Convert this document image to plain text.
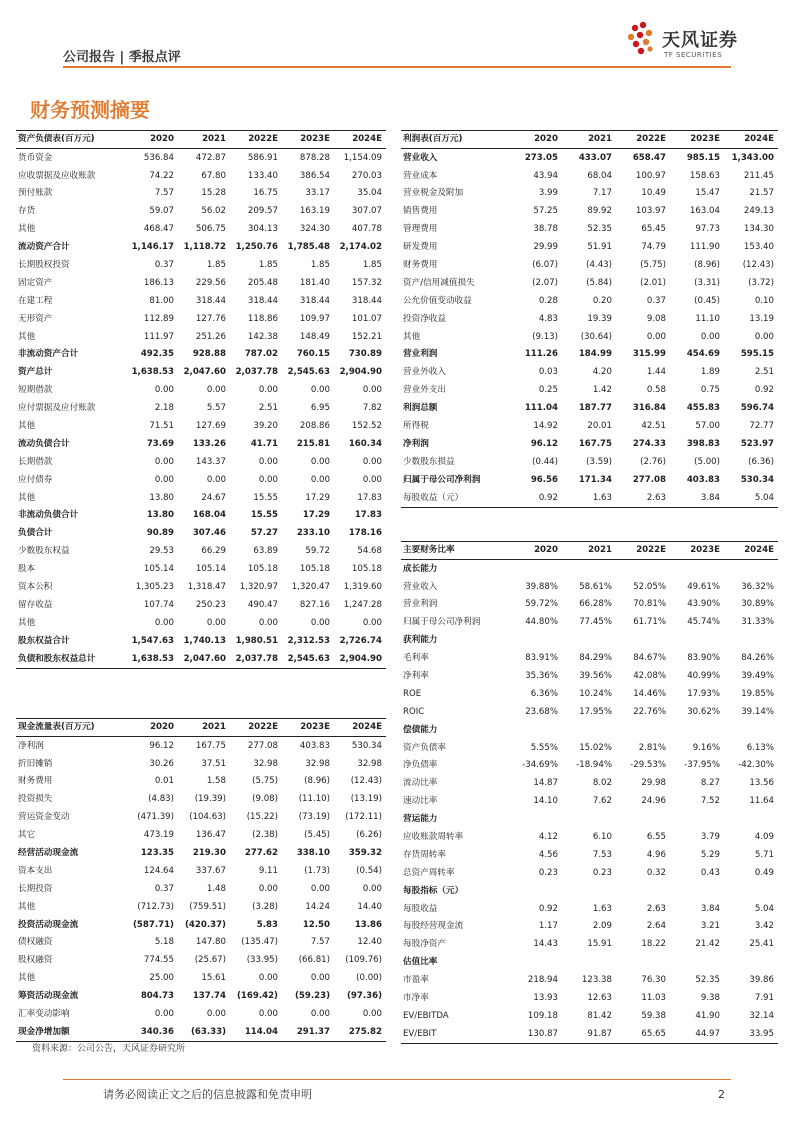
公司报告 | 季报点评
天风证券
TF SECURITIES
财务预测摘要
资产负债表(百万元)	2020	2021	2022E	2023E	2024E
货币资金	536.84	472.87	586.91	878.28	1,154.09
应收票据及应收账款	74.22	67.80	133.40	386.54	270.03
预付账款	7.57	15.28	16.75	33.17	35.04
存货	59.07	56.02	209.57	163.19	307.07
其他	468.47	506.75	304.13	324.30	407.78
流动资产合计	1,146.17	1,118.72	1,250.76	1,785.48	2,174.02
长期股权投资	0.37	1.85	1.85	1.85	1.85
固定资产	186.13	229.56	205.48	181.40	157.32
在建工程	81.00	318.44	318.44	318.44	318.44
无形资产	112.89	127.76	118.86	109.97	101.07
其他	111.97	251.26	142.38	148.49	152.21
非流动资产合计	492.35	928.88	787.02	760.15	730.89
资产总计	1,638.53	2,047.60	2,037.78	2,545.63	2,904.90
短期借款	0.00	0.00	0.00	0.00	0.00
应付票据及应付账款	2.18	5.57	2.51	6.95	7.82
其他	71.51	127.69	39.20	208.86	152.52
流动负债合计	73.69	133.26	41.71	215.81	160.34
长期借款	0.00	143.37	0.00	0.00	0.00
应付债券	0.00	0.00	0.00	0.00	0.00
其他	13.80	24.67	15.55	17.29	17.83
非流动负债合计	13.80	168.04	15.55	17.29	17.83
负债合计	90.89	307.46	57.27	233.10	178.16
少数股东权益	29.53	66.29	63.89	59.72	54.68
股本	105.14	105.14	105.18	105.18	105.18
资本公积	1,305.23	1,318.47	1,320.97	1,320.47	1,319.60
留存收益	107.74	250.23	490.47	827.16	1,247.28
其他	0.00	0.00	0.00	0.00	0.00
股东权益合计	1,547.63	1,740.13	1,980.51	2,312.53	2,726.74
负债和股东权益总计	1,638.53	2,047.60	2,037.78	2,545.63	2,904.90
利润表(百万元)	2020	2021	2022E	2023E	2024E
营业收入	273.05	433.07	658.47	985.15	1,343.00
营业成本	43.94	68.04	100.97	158.63	211.45
营业税金及附加	3.99	7.17	10.49	15.47	21.57
销售费用	57.25	89.92	103.97	163.04	249.13
管理费用	38.78	52.35	65.45	97.73	134.30
研发费用	29.99	51.91	74.79	111.90	153.40
财务费用	(6.07)	(4.43)	(5.75)	(8.96)	(12.43)
资产/信用减值损失	(2.07)	(5.84)	(2.01)	(3.31)	(3.72)
公允价值变动收益	0.28	0.20	0.37	(0.45)	0.10
投资净收益	4.83	19.39	9.08	11.10	13.19
其他	(9.13)	(30.64)	0.00	0.00	0.00
营业利润	111.26	184.99	315.99	454.69	595.15
营业外收入	0.03	4.20	1.44	1.89	2.51
营业外支出	0.25	1.42	0.58	0.75	0.92
利润总额	111.04	187.77	316.84	455.83	596.74
所得税	14.92	20.01	42.51	57.00	72.77
净利润	96.12	167.75	274.33	398.83	523.97
少数股东损益	(0.44)	(3.59)	(2.76)	(5.00)	(6.36)
归属于母公司净利润	96.56	171.34	277.08	403.83	530.34
每股收益（元）	0.92	1.63	2.63	3.84	5.04
主要财务比率	2020	2021	2022E	2023E	2024E
成长能力					
营业收入	39.88%	58.61%	52.05%	49.61%	36.32%
营业利润	59.72%	66.28%	70.81%	43.90%	30.89%
归属于母公司净利润	44.80%	77.45%	61.71%	45.74%	31.33%
获利能力					
毛利率	83.91%	84.29%	84.67%	83.90%	84.26%
净利率	35.36%	39.56%	42.08%	40.99%	39.49%
ROE	6.36%	10.24%	14.46%	17.93%	19.85%
ROIC	23.68%	17.95%	22.76%	30.62%	39.14%
偿债能力					
资产负债率	5.55%	15.02%	2.81%	9.16%	6.13%
净负债率	-34.69%	-18.94%	-29.53%	-37.95%	-42.30%
流动比率	14.87	8.02	29.98	8.27	13.56
速动比率	14.10	7.62	24.96	7.52	11.64
营运能力					
应收账款周转率	4.12	6.10	6.55	3.79	4.09
存货周转率	4.56	7.53	4.96	5.29	5.71
总资产周转率	0.23	0.23	0.32	0.43	0.49
每股指标（元）					
每股收益	0.92	1.63	2.63	3.84	5.04
每股经营现金流	1.17	2.09	2.64	3.21	3.42
每股净资产	14.43	15.91	18.22	21.42	25.41
估值比率					
市盈率	218.94	123.38	76.30	52.35	39.86
市净率	13.93	12.63	11.03	9.38	7.91
EV/EBITDA	109.18	81.42	59.38	41.90	32.14
EV/EBIT	130.87	91.87	65.65	44.97	33.95
现金流量表(百万元)	2020	2021	2022E	2023E	2024E
净利润	96.12	167.75	277.08	403.83	530.34
折旧摊销	30.26	37.51	32.98	32.98	32.98
财务费用	0.01	1.58	(5.75)	(8.96)	(12.43)
投资损失	(4.83)	(19.39)	(9.08)	(11.10)	(13.19)
营运资金变动	(471.39)	(104.63)	(15.22)	(73.19)	(172.11)
其它	473.19	136.47	(2.38)	(5.45)	(6.26)
经营活动现金流	123.35	219.30	277.62	338.10	359.32
资本支出	124.64	337.67	9.11	(1.73)	(0.54)
长期投资	0.37	1.48	0.00	0.00	0.00
其他	(712.73)	(759.51)	(3.28)	14.24	14.40
投资活动现金流	(587.71)	(420.37)	5.83	12.50	13.86
债权融资	5.18	147.80	(135.47)	7.57	12.40
股权融资	774.55	(25.67)	(33.95)	(66.81)	(109.76)
其他	25.00	15.61	0.00	0.00	(0.00)
筹资活动现金流	804.73	137.74	(169.42)	(59.23)	(97.36)
汇率变动影响	0.00	0.00	0.00	0.00	0.00
现金净增加额	340.36	(63.33)	114.04	291.37	275.82
资料来源：公司公告，天风证券研究所
请务必阅读正文之后的信息披露和免责申明	2
